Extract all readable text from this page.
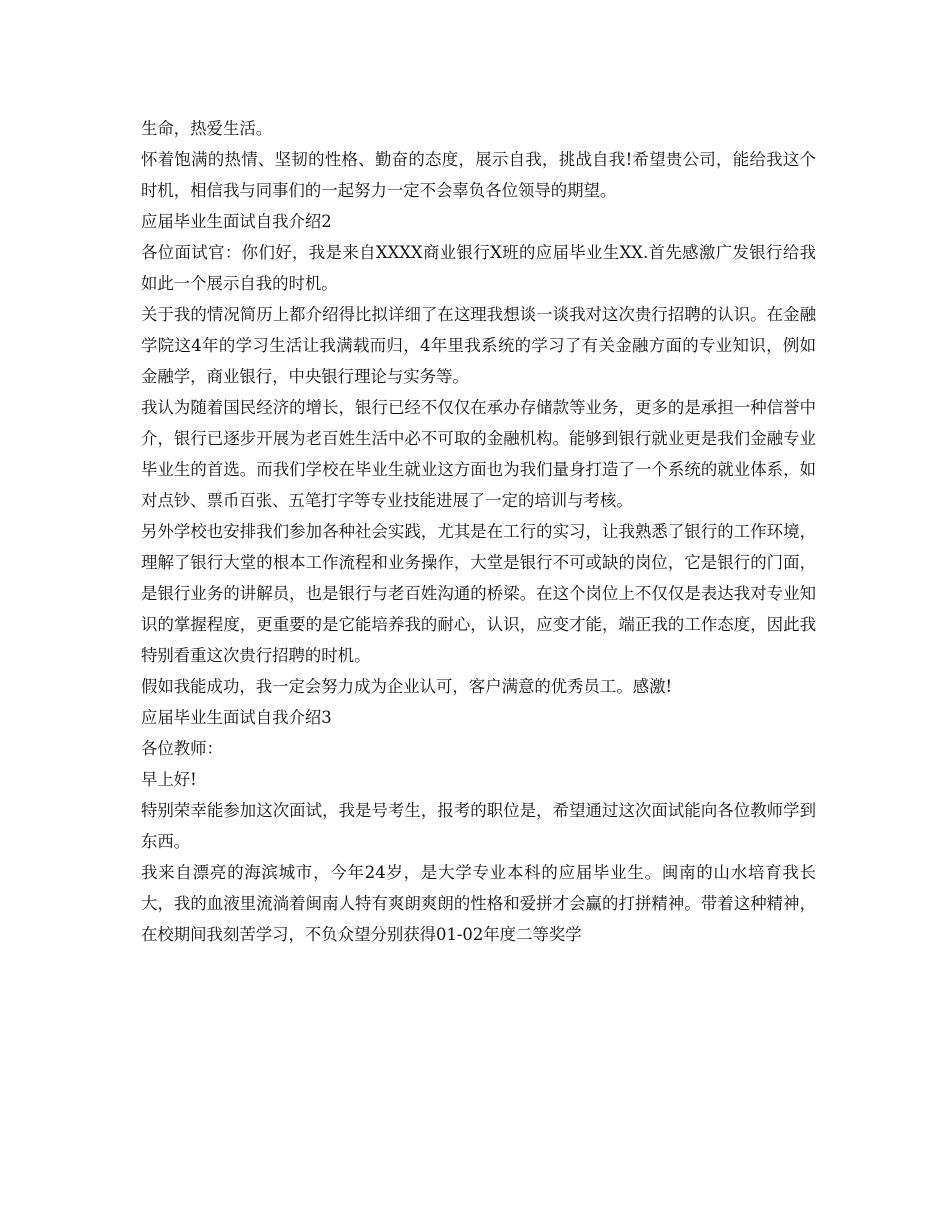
生命，热爱生活。

怀着饱满的热情、坚韧的性格、勤奋的态度，展示自我，挑战自我!希望贵公司，能给我这个时机，相信我与同事们的一起努力一定不会辜负各位领导的期望。

应届毕业生面试自我介绍2

各位面试官：你们好，我是来自XXXX商业银行X班的应届毕业生XX.首先感激广发银行给我如此一个展示自我的时机。

关于我的情况简历上都介绍得比拟详细了在这理我想谈一谈我对这次贵行招聘的认识。在金融学院这4年的学习生活让我满载而归，4年里我系统的学习了有关金融方面的专业知识，例如金融学，商业银行，中央银行理论与实务等。

我认为随着国民经济的增长，银行已经不仅仅在承办存储款等业务，更多的是承担一种信誉中介，银行已逐步开展为老百姓生活中必不可取的金融机构。能够到银行就业更是我们金融专业毕业生的首选。而我们学校在毕业生就业这方面也为我们量身打造了一个系统的就业体系，如对点钞、票币百张、五笔打字等专业技能进展了一定的培训与考核。

另外学校也安排我们参加各种社会实践，尤其是在工行的实习，让我熟悉了银行的工作环境，理解了银行大堂的根本工作流程和业务操作，大堂是银行不可或缺的岗位，它是银行的门面，是银行业务的讲解员，也是银行与老百姓沟通的桥梁。在这个岗位上不仅仅是表达我对专业知识的掌握程度，更重要的是它能培养我的耐心，认识，应变才能，端正我的工作态度，因此我特别看重这次贵行招聘的时机。

假如我能成功，我一定会努力成为企业认可，客户满意的优秀员工。感激!

应届毕业生面试自我介绍3

各位教师：

早上好!

特别荣幸能参加这次面试，我是号考生，报考的职位是，希望通过这次面试能向各位教师学到东西。

我来自漂亮的海滨城市，今年24岁，是大学专业本科的应届毕业生。闽南的山水培育我长大，我的血液里流淌着闽南人特有爽朗爽朗的性格和爱拼才会赢的打拼精神。带着这种精神，在校期间我刻苦学习，不负众望分别获得01-02年度二等奖学
